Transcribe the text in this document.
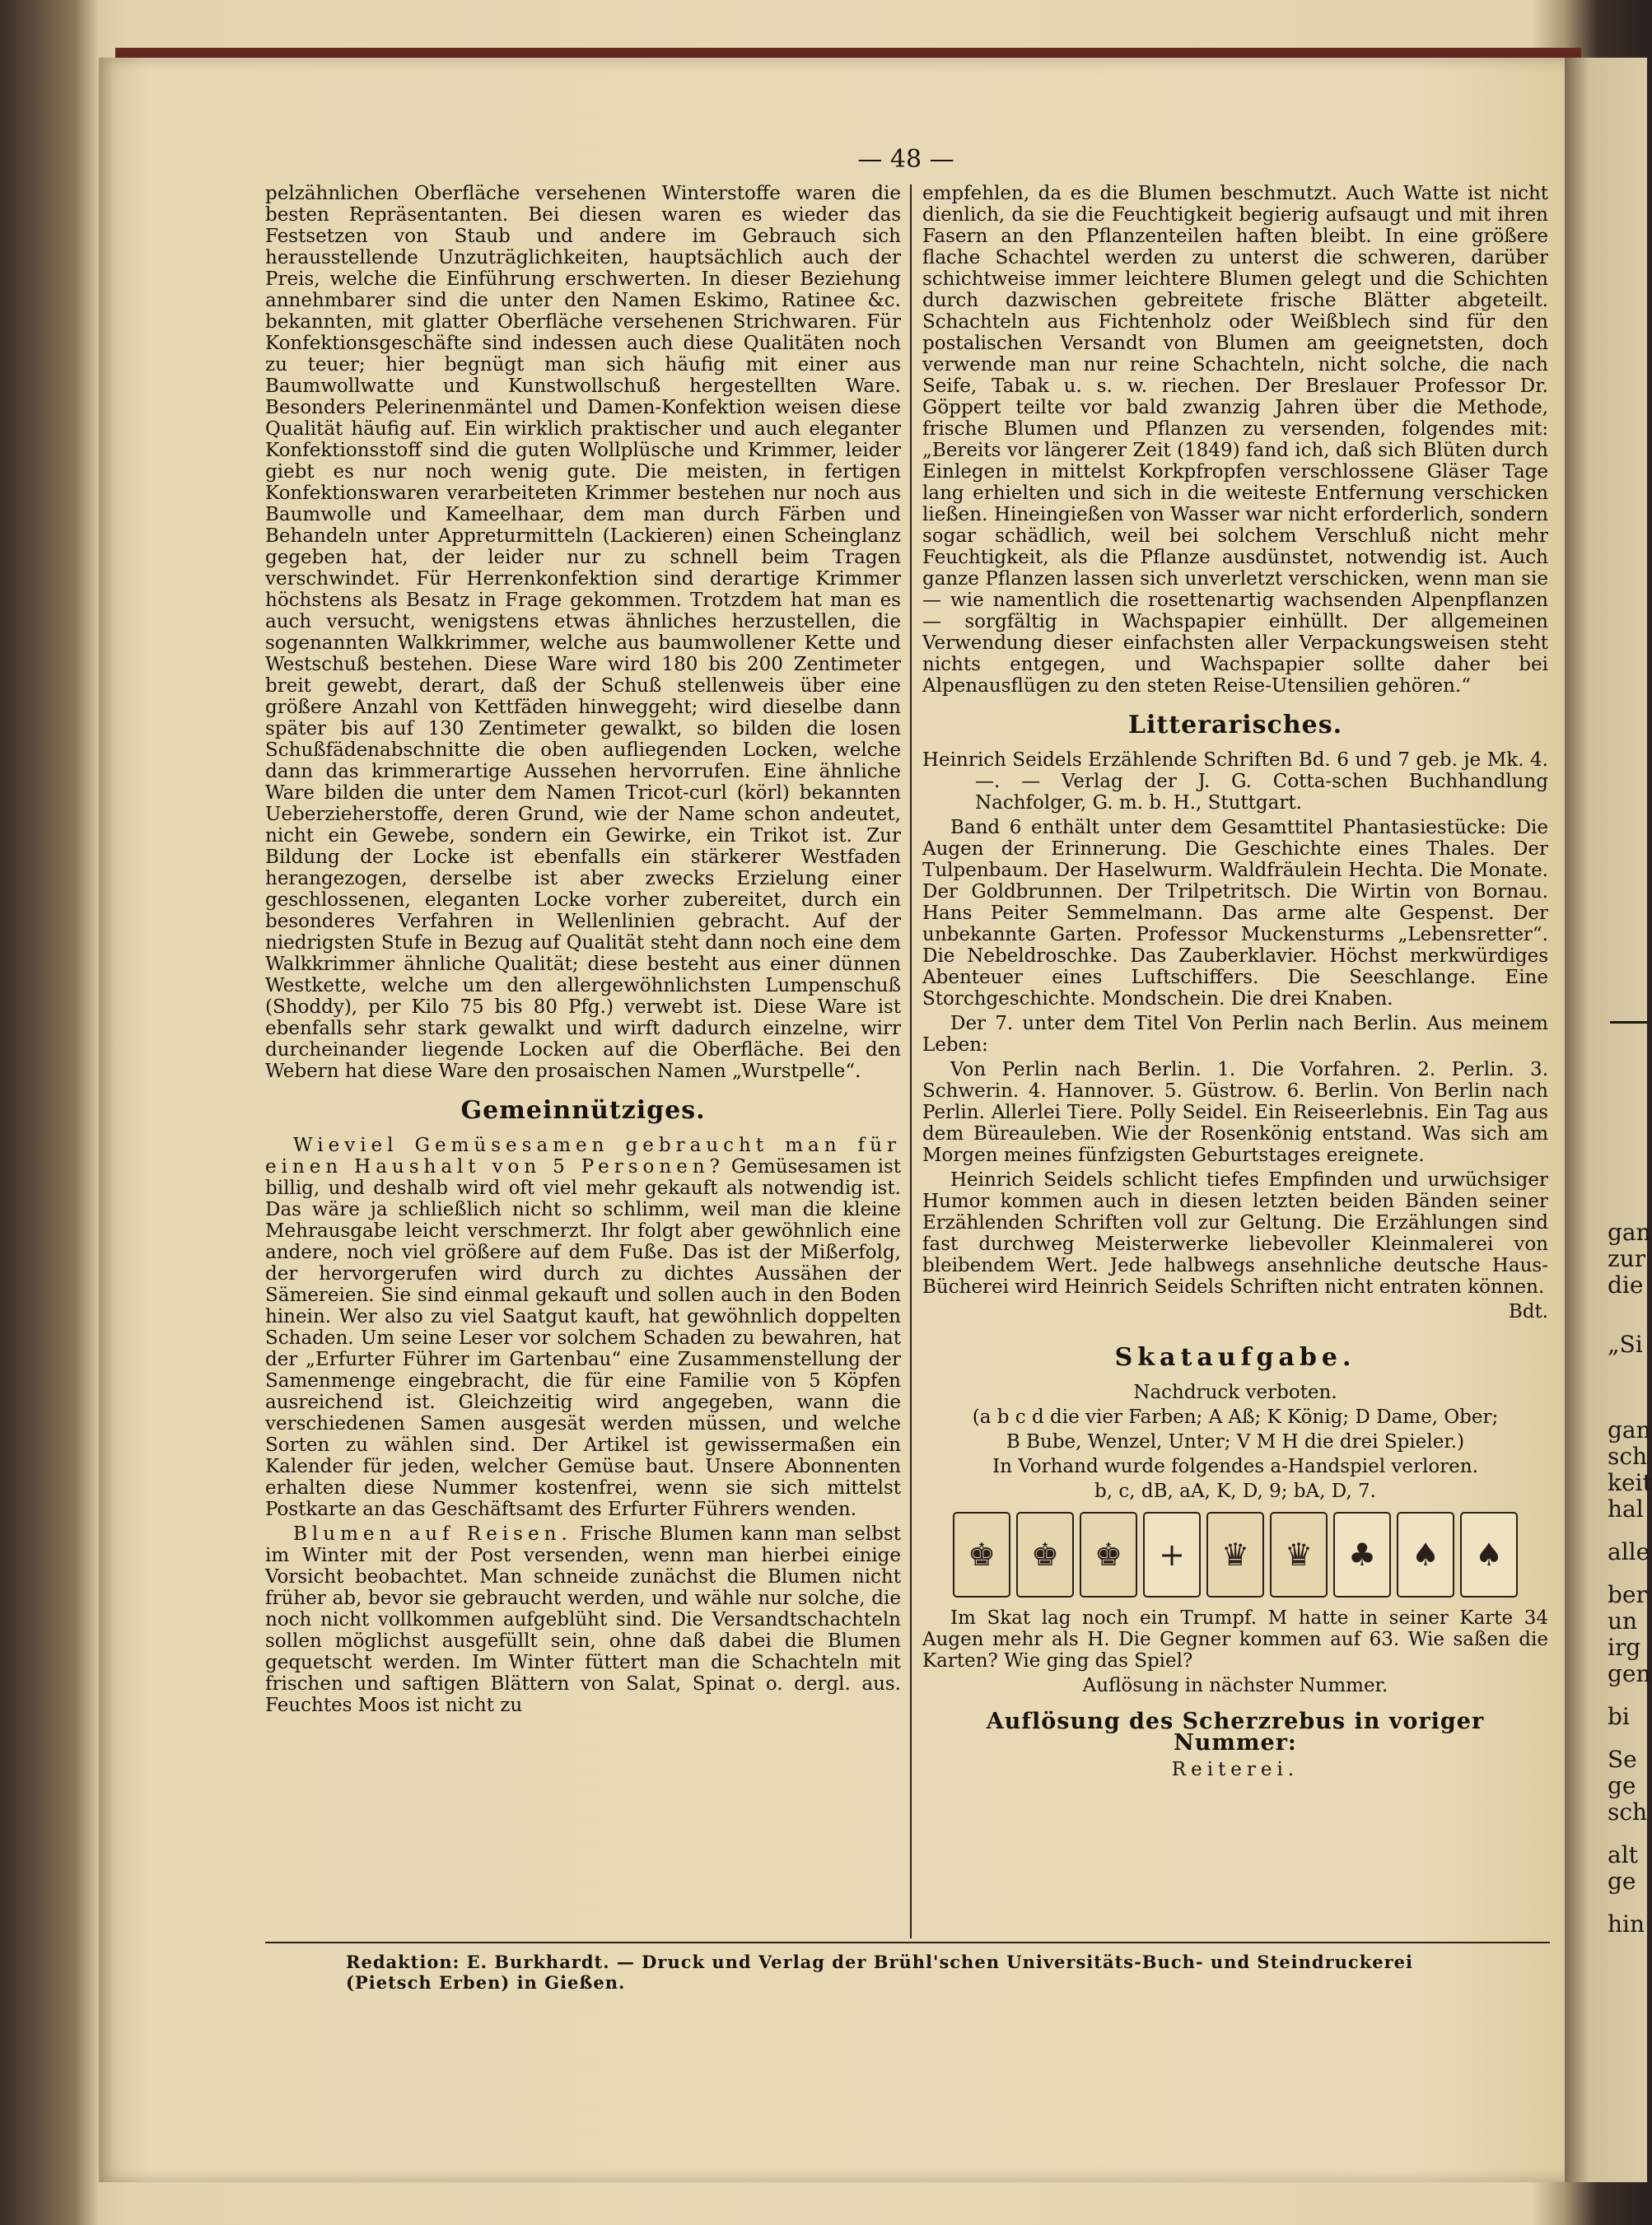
— 48 —

pelzähnlichen Oberfläche versehenen Winterstoffe waren die besten Repräsentanten. Bei diesen waren es wieder das Festsetzen von Staub und andere im Gebrauch sich herausstellende Unzuträglichkeiten, hauptsächlich auch der Preis, welche die Einführung erschwerten. In dieser Beziehung annehmbarer sind die unter den Namen Eskimo, Ratinee &c. bekannten, mit glatter Oberfläche versehenen Strichwaren. Für Konfektionsgeschäfte sind indessen auch diese Qualitäten noch zu teuer; hier begnügt man sich häufig mit einer aus Baumwollwatte und Kunstwollschuß hergestellten Ware. Besonders Pelerinenmäntel und Damen-Konfektion weisen diese Qualität häufig auf. Ein wirklich praktischer und auch eleganter Konfektionsstoff sind die guten Wollplüsche und Krimmer, leider giebt es nur noch wenig gute. Die meisten, in fertigen Konfektionswaren verarbeiteten Krimmer bestehen nur noch aus Baumwolle und Kameelhaar, dem man durch Färben und Behandeln unter Appreturmitteln (Lackieren) einen Scheinglanz gegeben hat, der leider nur zu schnell beim Tragen verschwindet. Für Herrenkonfektion sind derartige Krimmer höchstens als Besatz in Frage gekommen. Trotzdem hat man es auch versucht, wenigstens etwas ähnliches herzustellen, die sogenannten Walkkrimmer, welche aus baumwollener Kette und Westschuß bestehen. Diese Ware wird 180 bis 200 Zentimeter breit gewebt, derart, daß der Schuß stellenweis über eine größere Anzahl von Kettfäden hinweggeht; wird dieselbe dann später bis auf 130 Zentimeter gewalkt, so bilden die losen Schußfädenabschnitte die oben aufliegenden Locken, welche dann das krimmerartige Aussehen hervorrufen. Eine ähnliche Ware bilden die unter dem Namen Tricot-curl (körl) bekannten Ueberzieherstoffe, deren Grund, wie der Name schon andeutet, nicht ein Gewebe, sondern ein Gewirke, ein Trikot ist. Zur Bildung der Locke ist ebenfalls ein stärkerer Westfaden herangezogen, derselbe ist aber zwecks Erzielung einer geschlossenen, eleganten Locke vorher zubereitet, durch ein besonderes Verfahren in Wellenlinien gebracht. Auf der niedrigsten Stufe in Bezug auf Qualität steht dann noch eine dem Walkkrimmer ähnliche Qualität; diese besteht aus einer dünnen Westkette, welche um den allergewöhnlichsten Lumpenschuß (Shoddy), per Kilo 75 bis 80 Pfg.) verwebt ist. Diese Ware ist ebenfalls sehr stark gewalkt und wirft dadurch einzelne, wirr durcheinander liegende Locken auf die Oberfläche. Bei den Webern hat diese Ware den prosaischen Namen „Wurstpelle“.

Gemeinnütziges.

Wieviel Gemüsesamen gebraucht man für einen Haushalt von 5 Personen? Gemüsesamen ist billig, und deshalb wird oft viel mehr gekauft als notwendig ist. Das wäre ja schließlich nicht so schlimm, weil man die kleine Mehrausgabe leicht verschmerzt. Ihr folgt aber gewöhnlich eine andere, noch viel größere auf dem Fuße. Das ist der Mißerfolg, der hervorgerufen wird durch zu dichtes Aussähen der Sämereien. Sie sind einmal gekauft und sollen auch in den Boden hinein. Wer also zu viel Saatgut kauft, hat gewöhnlich doppelten Schaden. Um seine Leser vor solchem Schaden zu bewahren, hat der „Erfurter Führer im Gartenbau“ eine Zusammenstellung der Samenmenge eingebracht, die für eine Familie von 5 Köpfen ausreichend ist. Gleichzeitig wird angegeben, wann die verschiedenen Samen ausgesät werden müssen, und welche Sorten zu wählen sind. Der Artikel ist gewissermaßen ein Kalender für jeden, welcher Gemüse baut. Unsere Abonnenten erhalten diese Nummer kostenfrei, wenn sie sich mittelst Postkarte an das Geschäftsamt des Erfurter Führers wenden.

Blumen auf Reisen. Frische Blumen kann man selbst im Winter mit der Post versenden, wenn man hierbei einige Vorsicht beobachtet. Man schneide zunächst die Blumen nicht früher ab, bevor sie gebraucht werden, und wähle nur solche, die noch nicht vollkommen aufgeblüht sind. Die Versandtschachteln sollen möglichst ausgefüllt sein, ohne daß dabei die Blumen gequetscht werden. Im Winter füttert man die Schachteln mit frischen und saftigen Blättern von Salat, Spinat o. dergl. aus. Feuchtes Moos ist nicht zu

empfehlen, da es die Blumen beschmutzt. Auch Watte ist nicht dienlich, da sie die Feuchtigkeit begierig aufsaugt und mit ihren Fasern an den Pflanzenteilen haften bleibt. In eine größere flache Schachtel werden zu unterst die schweren, darüber schichtweise immer leichtere Blumen gelegt und die Schichten durch dazwischen gebreitete frische Blätter abgeteilt. Schachteln aus Fichtenholz oder Weißblech sind für den postalischen Versandt von Blumen am geeignetsten, doch verwende man nur reine Schachteln, nicht solche, die nach Seife, Tabak u. s. w. riechen. Der Breslauer Professor Dr. Göppert teilte vor bald zwanzig Jahren über die Methode, frische Blumen und Pflanzen zu versenden, folgendes mit: „Bereits vor längerer Zeit (1849) fand ich, daß sich Blüten durch Einlegen in mittelst Korkpfropfen verschlossene Gläser Tage lang erhielten und sich in die weiteste Entfernung verschicken ließen. Hineingießen von Wasser war nicht erforderlich, sondern sogar schädlich, weil bei solchem Verschluß nicht mehr Feuchtigkeit, als die Pflanze ausdünstet, notwendig ist. Auch ganze Pflanzen lassen sich unverletzt verschicken, wenn man sie — wie namentlich die rosettenartig wachsenden Alpenpflanzen — sorgfältig in Wachspapier einhüllt. Der allgemeinen Verwendung dieser einfachsten aller Verpackungsweisen steht nichts entgegen, und Wachspapier sollte daher bei Alpenausflügen zu den steten Reise-Utensilien gehören.“

Litterarisches.

Heinrich Seidels Erzählende Schriften Bd. 6 und 7 geb. je Mk. 4.—. — Verlag der J. G. Cotta-schen Buchhandlung Nachfolger, G. m. b. H., Stuttgart.

Band 6 enthält unter dem Gesamttitel Phantasiestücke: Die Augen der Erinnerung. Die Geschichte eines Thales. Der Tulpenbaum. Der Haselwurm. Waldfräulein Hechta. Die Monate. Der Goldbrunnen. Der Trilpetritsch. Die Wirtin von Bornau. Hans Peiter Semmelmann. Das arme alte Gespenst. Der unbekannte Garten. Professor Muckensturms „Lebensretter“. Die Nebeldroschke. Das Zauberklavier. Höchst merkwürdiges Abenteuer eines Luftschiffers. Die Seeschlange. Eine Storchgeschichte. Mondschein. Die drei Knaben.

Der 7. unter dem Titel Von Perlin nach Berlin. Aus meinem Leben:

Von Perlin nach Berlin. 1. Die Vorfahren. 2. Perlin. 3. Schwerin. 4. Hannover. 5. Güstrow. 6. Berlin. Von Berlin nach Perlin. Allerlei Tiere. Polly Seidel. Ein Reiseerlebnis. Ein Tag aus dem Büreauleben. Wie der Rosenkönig entstand. Was sich am Morgen meines fünfzigsten Geburtstages ereignete.

Heinrich Seidels schlicht tiefes Empfinden und urwüchsiger Humor kommen auch in diesen letzten beiden Bänden seiner Erzählenden Schriften voll zur Geltung. Die Erzählungen sind fast durchweg Meisterwerke liebevoller Kleinmalerei von bleibendem Wert. Jede halbwegs ansehnliche deutsche Haus-Bücherei wird Heinrich Seidels Schriften nicht entraten können.

Bdt.

Skataufgabe.

Nachdruck verboten.

(a b c d die vier Farben; A Aß; K König; D Dame, Ober;

B Bube, Wenzel, Unter; V M H die drei Spieler.)

In Vorhand wurde folgendes a-Handspiel verloren.

b, c, dB, aA, K, D, 9; bA, D, 7.

♚ ♚ ♚ + ♛ ♛ ♣ ♠ ♠

Im Skat lag noch ein Trumpf. M hatte in seiner Karte 34 Augen mehr als H. Die Gegner kommen auf 63. Wie saßen die Karten? Wie ging das Spiel?

Auflösung in nächster Nummer.

Auflösung des Scherzrebus in voriger Nummer:

Reiterei.

Redaktion: E. Burkhardt. — Druck und Verlag der Brühl'schen Universitäts-Buch- und Steindruckerei (Pietsch Erben) in Gießen.
gan
zur
die
„Si
gan
sch
keit
hal
alle
ber
un
irg
gen
bi
Se
ge
sch
alt
ge
hin
